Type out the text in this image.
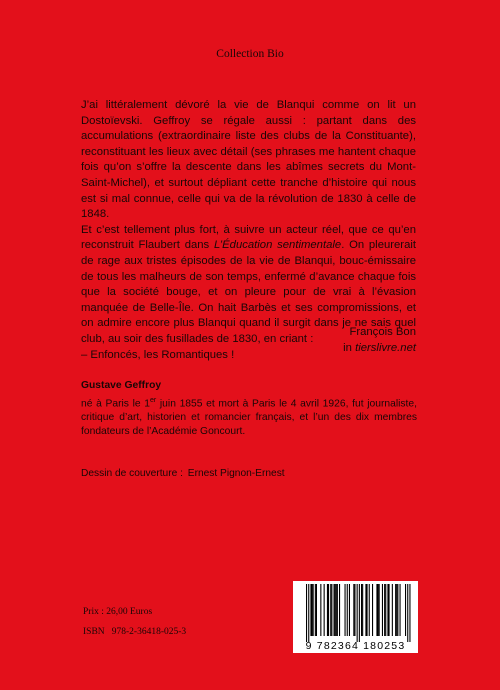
Collection Bio

J’ai littéralement dévoré la vie de Blanqui comme on lit un Dostoïevski. Geffroy se régale aussi : partant dans des accumulations (extraordinaire liste des clubs de la Constituante), reconstituant les lieux avec détail (ses phrases me hantent chaque fois qu’on s’offre la descente dans les abîmes secrets du Mont-Saint-Michel), et surtout dépliant cette tranche d’histoire qui nous est si mal connue, celle qui va de la révolution de 1830 à celle de 1848.

Et c’est tellement plus fort, à suivre un acteur réel, que ce qu’en reconstruit Flaubert dans L’Éducation sentimentale. On pleurerait de rage aux tristes épisodes de la vie de Blanqui, bouc-émissaire de tous les malheurs de son temps, enfermé d’avance chaque fois que la société bouge, et on pleure pour de vrai à l’évasion manquée de Belle-Île. On hait Barbès et ses compromissions, et on admire encore plus Blanqui quand il surgit dans je ne sais quel club, au soir des fusillades de 1830, en criant :

– Enfoncés, les Romantiques !

François Bon
in tierslivre.net
Gustave Geffroy
né à Paris le 1er juin 1855 et mort à Paris le 4 avril 1926, fut journaliste, critique d’art, historien et romancier français, et l’un des dix membres fondateurs de l’Académie Goncourt.
Dessin de couverture : Ernest Pignon-Ernest
Prix : 26,00 Euros
ISBN   978-2-36418-025-3
9 782364 180253
